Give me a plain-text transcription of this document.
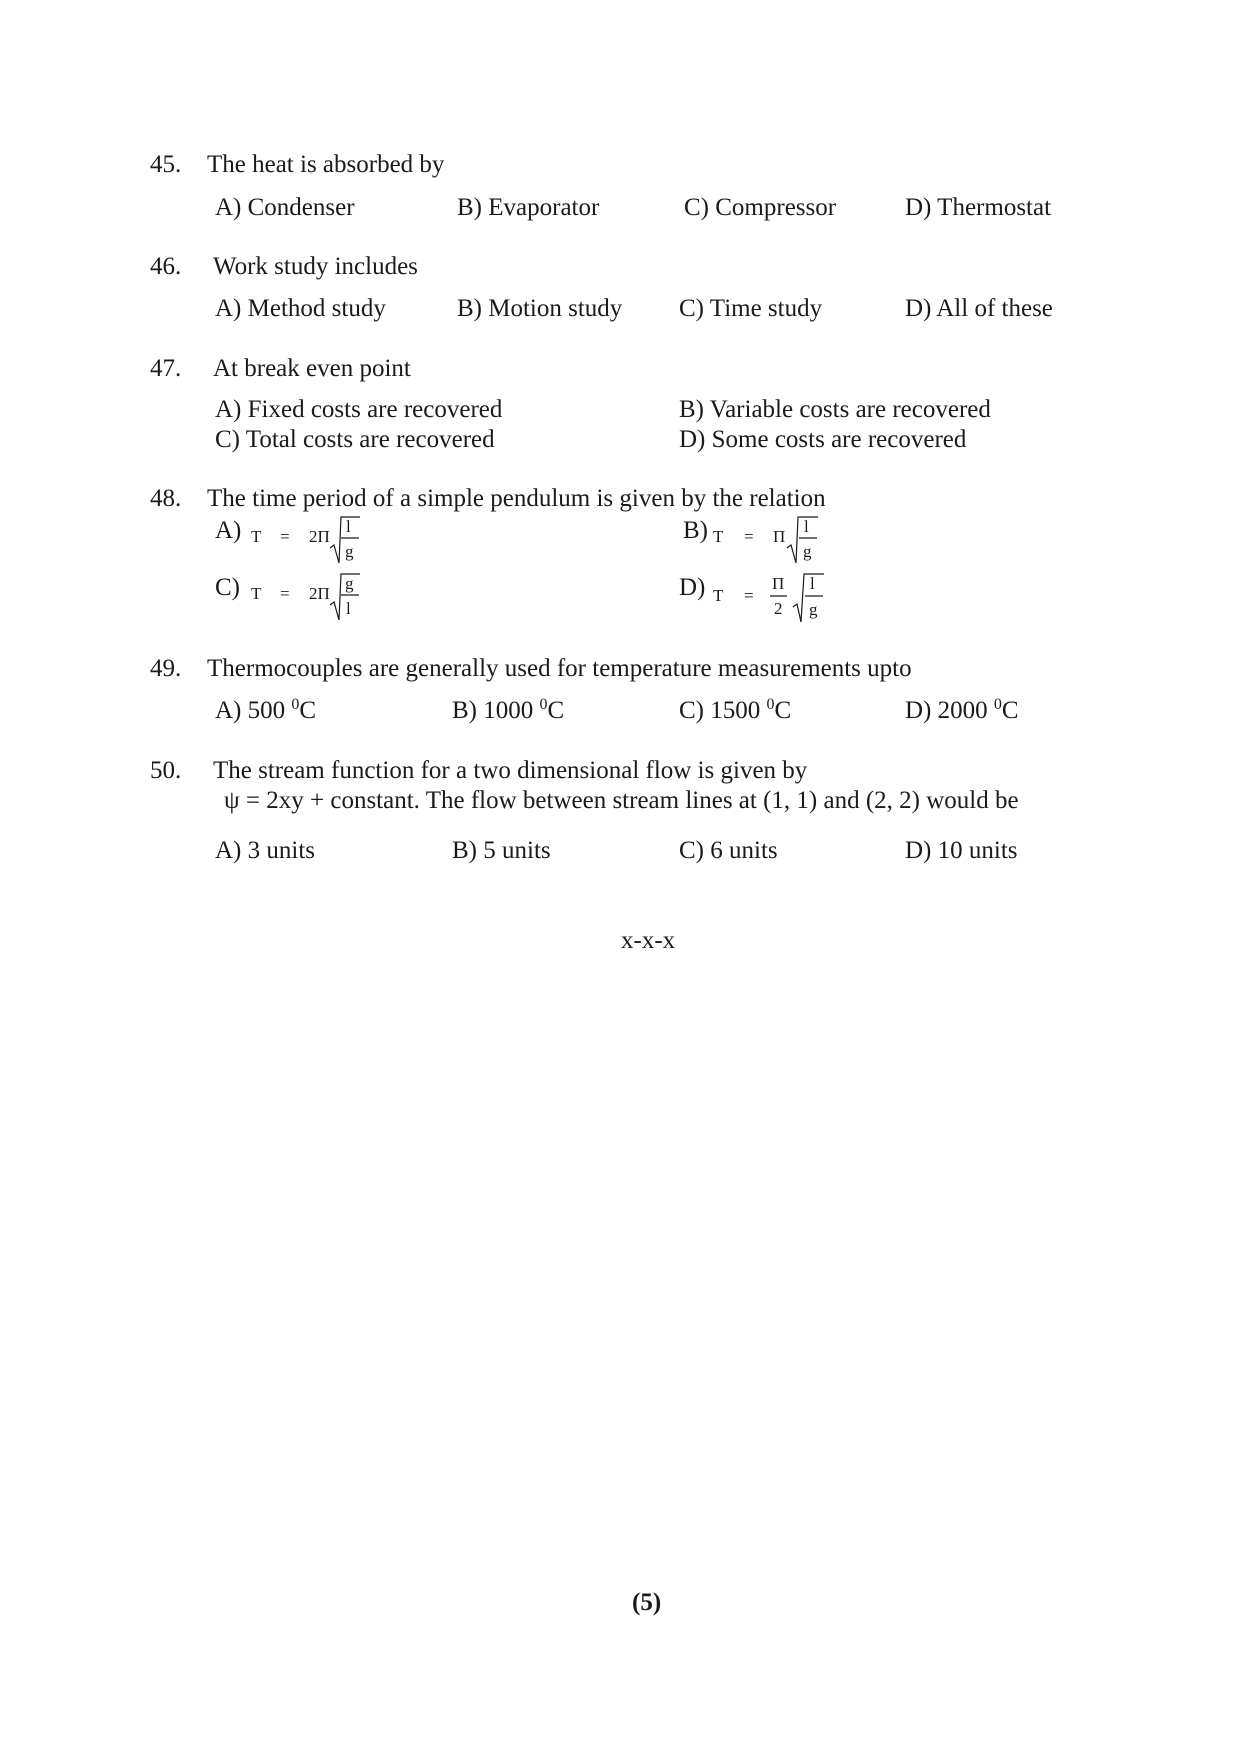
45. The heat is absorbed by
A) Condenser	B) Evaporator	C) Compressor	D) Thermostat
46. Work study includes
A) Method study	B) Motion study C) Time study	D) All of these
47. At break even point
A) Fixed costs are recovered	B) Variable costs are recovered
C) Total costs are recovered	D) Some costs are recovered
48. The time period of a simple pendulum is given by the relation
A) T = 2Π
l
g
B) T = Π
l
g
C) T = 2Π
g
l
D) T =
Π
2
l
g
49. Thermocouples are generally used for temperature measurements upto
A) 500 $^0$C	B) 1000 $^0$C	C) 1500 $^0$C	D) 2000 $^0$C
50. The stream function for a two dimensional flow is given by
ψ = 2xy + constant. The flow between stream lines at (1, 1) and (2, 2) would be
A) 3 units	B) 5 units	C) 6 units	D) 10 units
x-x-x
(5)
